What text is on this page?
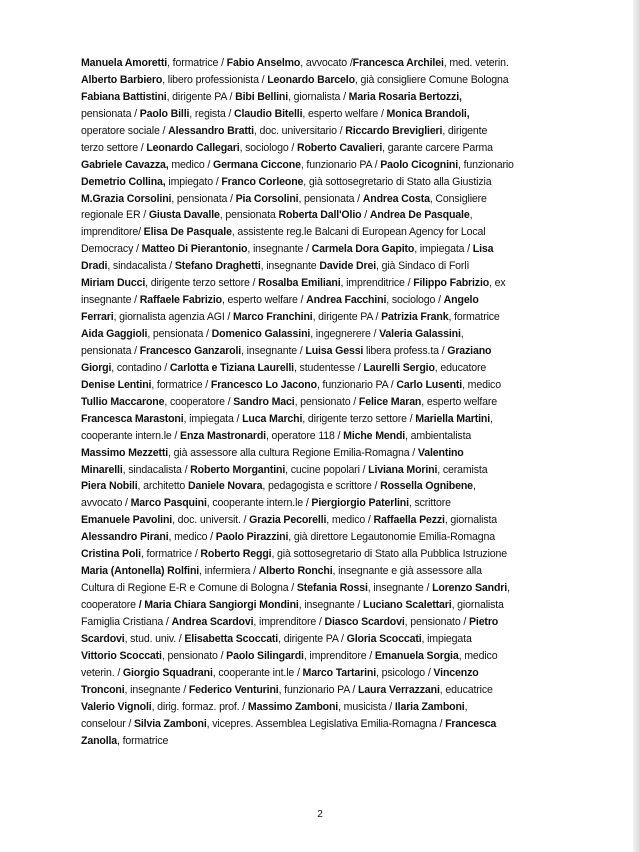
Manuela Amoretti, formatrice / Fabio Anselmo, avvocato /Francesca Archilei, med. veterin.
Alberto Barbiero, libero professionista / Leonardo Barcelo, già consigliere Comune Bologna
Fabiana Battistini, dirigente PA / Bibi Bellini, giornalista / Maria Rosaria Bertozzi,
pensionata / Paolo Billi, regista / Claudio Bitelli, esperto welfare / Monica Brandoli,
operatore sociale / Alessandro Bratti, doc. universitario / Riccardo Breviglieri, dirigente
terzo settore / Leonardo Callegari, sociologo / Roberto Cavalieri, garante carcere Parma
Gabriele Cavazza, medico / Germana Ciccone, funzionario PA / Paolo Cicognini, funzionario
Demetrio Collina, impiegato / Franco Corleone, già sottosegretario di Stato alla Giustizia
M.Grazia Corsolini, pensionata / Pia Corsolini, pensionata / Andrea Costa, Consigliere
regionale ER / Giusta Davalle, pensionata Roberta Dall'Olio / Andrea De Pasquale,
imprenditore/ Elisa De Pasquale, assistente reg.le Balcani di European Agency for Local
Democracy / Matteo Di Pierantonio, insegnante / Carmela Dora Gapito, impiegata / Lisa
Dradi, sindacalista / Stefano Draghetti, insegnante Davide Drei, già Sindaco di Forlì
Miriam Ducci, dirigente terzo settore / Rosalba Emiliani, imprenditrice / Filippo Fabrizio, ex
insegnante / Raffaele Fabrizio, esperto welfare / Andrea Facchini, sociologo / Angelo
Ferrari, giornalista agenzia AGI / Marco Franchini, dirigente PA / Patrizia Frank, formatrice
Aida Gaggioli, pensionata / Domenico Galassini, ingegnerere / Valeria Galassini,
pensionata / Francesco Ganzaroli, insegnante / Luisa Gessi libera profess.ta / Graziano
Giorgi, contadino / Carlotta e Tiziana Laurelli, studentesse / Laurelli Sergio, educatore
Denise Lentini, formatrice / Francesco Lo Jacono, funzionario PA / Carlo Lusenti, medico
Tullio Maccarone, cooperatore / Sandro Maci, pensionato / Felice Maran, esperto welfare
Francesca Marastoni, impiegata / Luca Marchi, dirigente terzo settore / Mariella Martini,
cooperante intern.le / Enza Mastronardi, operatore 118 / Miche Mendi, ambientalista
Massimo Mezzetti, già assessore alla cultura Regione Emilia-Romagna / Valentino
Minarelli, sindacalista / Roberto Morgantini, cucine popolari / Liviana Morini, ceramista
Piera Nobili, architetto Daniele Novara, pedagogista e scrittore / Rossella Ognibene,
avvocato / Marco Pasquini, cooperante intern.le / Piergiorgio Paterlini, scrittore
Emanuele Pavolini, doc. universit. / Grazia Pecorelli, medico / Raffaella Pezzi, giornalista
Alessandro Pirani, medico / Paolo Pirazzini, già direttore Legautonomie Emilia-Romagna
Cristina Poli, formatrice / Roberto Reggi, già sottosegretario di Stato alla Pubblica Istruzione
Maria (Antonella) Rolfini, infermiera / Alberto Ronchi, insegnante e già assessore alla
Cultura di Regione E-R e Comune di Bologna / Stefania Rossi, insegnante / Lorenzo Sandri,
cooperatore / Maria Chiara Sangiorgi Mondini, insegnante / Luciano Scalettari, giornalista
Famiglia Cristiana / Andrea Scardovi, imprenditore / Diasco Scardovi, pensionato / Pietro
Scardovi, stud. univ. / Elisabetta Scoccati, dirigente PA / Gloria Scoccati, impiegata
Vittorio Scoccati, pensionato / Paolo Silingardi, imprenditore / Emanuela Sorgia, medico
veterin. / Giorgio Squadrani, cooperante int.le / Marco Tartarini, psicologo / Vincenzo
Tronconi, insegnante / Federico Venturini, funzionario PA / Laura Verrazzani, educatrice
Valerio Vignoli, dirig. formaz. prof. / Massimo Zamboni, musicista / Ilaria Zamboni,
conselour / Silvia Zamboni, vicepres. Assemblea Legislativa Emilia-Romagna / Francesca
Zanolla, formatrice
2
